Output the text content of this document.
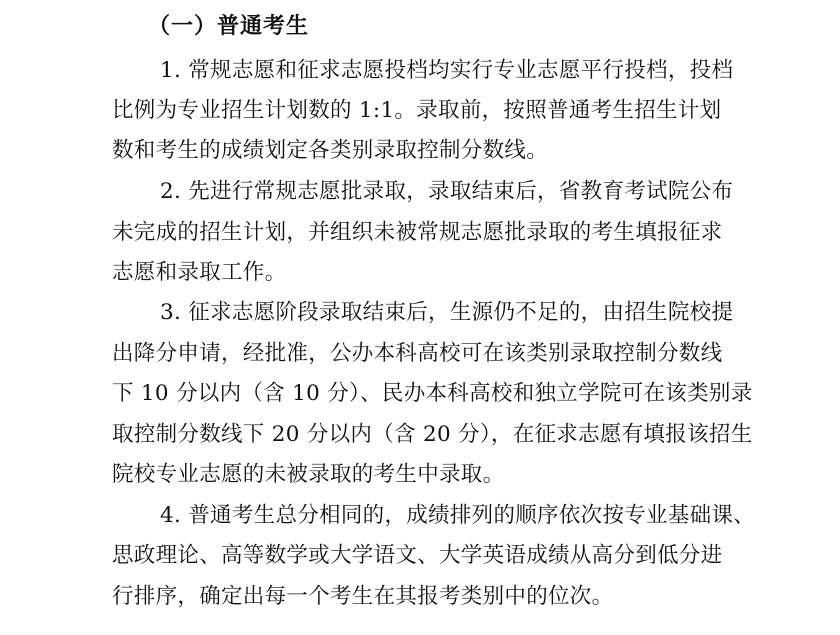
（一）普通考生
1. 常规志愿和征求志愿投档均实行专业志愿平行投档，投档
比例为专业招生计划数的 1:1。录取前，按照普通考生招生计划
数和考生的成绩划定各类别录取控制分数线。
2. 先进行常规志愿批录取，录取结束后，省教育考试院公布
未完成的招生计划，并组织未被常规志愿批录取的考生填报征求
志愿和录取工作。
3. 征求志愿阶段录取结束后，生源仍不足的，由招生院校提
出降分申请，经批准，公办本科高校可在该类别录取控制分数线
下 10 分以内（含 10 分）、民办本科高校和独立学院可在该类别录
取控制分数线下 20 分以内（含 20 分），在征求志愿有填报该招生
院校专业志愿的未被录取的考生中录取。
4. 普通考生总分相同的，成绩排列的顺序依次按专业基础课、
思政理论、高等数学或大学语文、大学英语成绩从高分到低分进
行排序，确定出每一个考生在其报考类别中的位次。
